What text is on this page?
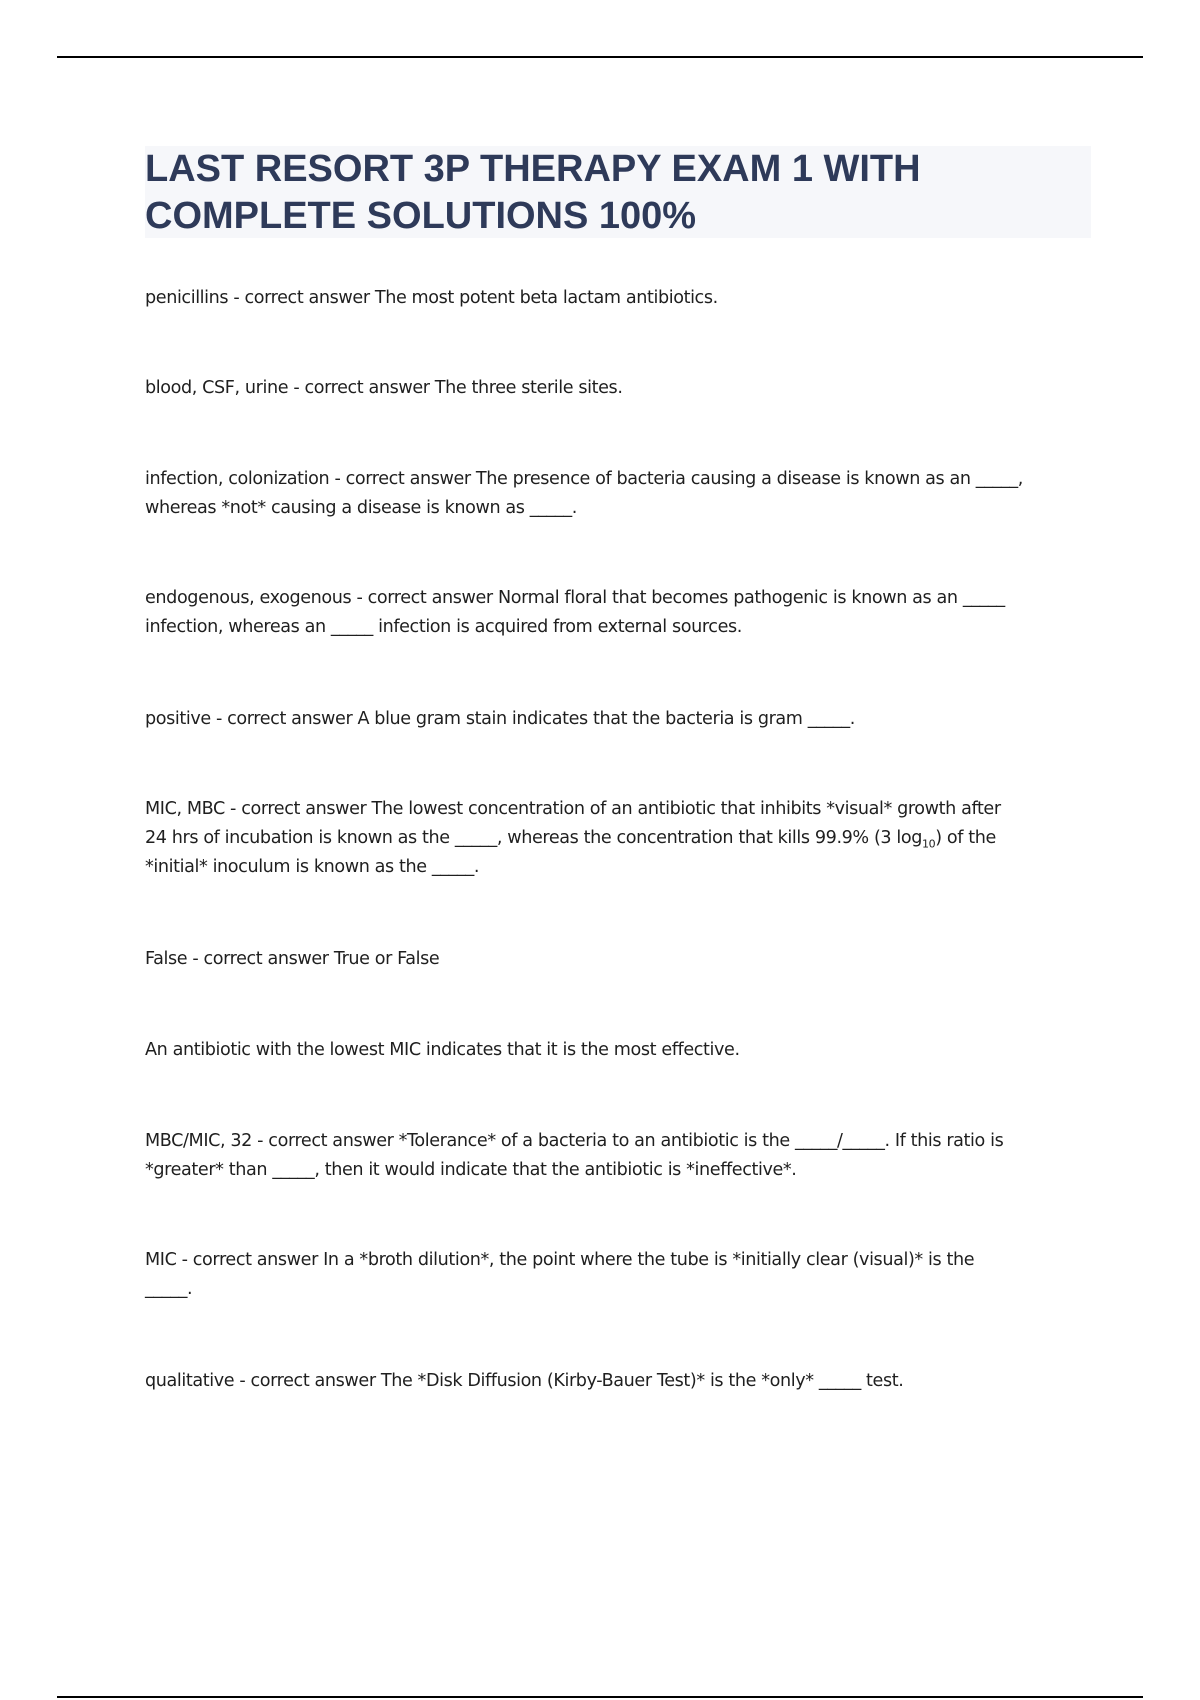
LAST RESORT 3P THERAPY EXAM 1 WITH
COMPLETE SOLUTIONS 100%
penicillins - correct answer The most potent beta lactam antibiotics.
blood, CSF, urine - correct answer The three sterile sites.
infection, colonization - correct answer The presence of bacteria causing a disease is known as an _____,
whereas *not* causing a disease is known as _____.
endogenous, exogenous - correct answer Normal floral that becomes pathogenic is known as an _____
infection, whereas an _____ infection is acquired from external sources.
positive - correct answer A blue gram stain indicates that the bacteria is gram _____.
MIC, MBC - correct answer The lowest concentration of an antibiotic that inhibits *visual* growth after
24 hrs of incubation is known as the _____, whereas the concentration that kills 99.9% (3 $\log_{10}$) of the
*initial* inoculum is known as the _____.
False - correct answer True or False
An antibiotic with the lowest MIC indicates that it is the most effective.
MBC/MIC, 32 - correct answer *Tolerance* of a bacteria to an antibiotic is the _____/_____. If this ratio is
*greater* than _____, then it would indicate that the antibiotic is *ineffective*.
MIC - correct answer In a *broth dilution*, the point where the tube is *initially clear (visual)* is the
_____.
qualitative - correct answer The *Disk Diffusion (Kirby-Bauer Test)* is the *only* _____ test.
